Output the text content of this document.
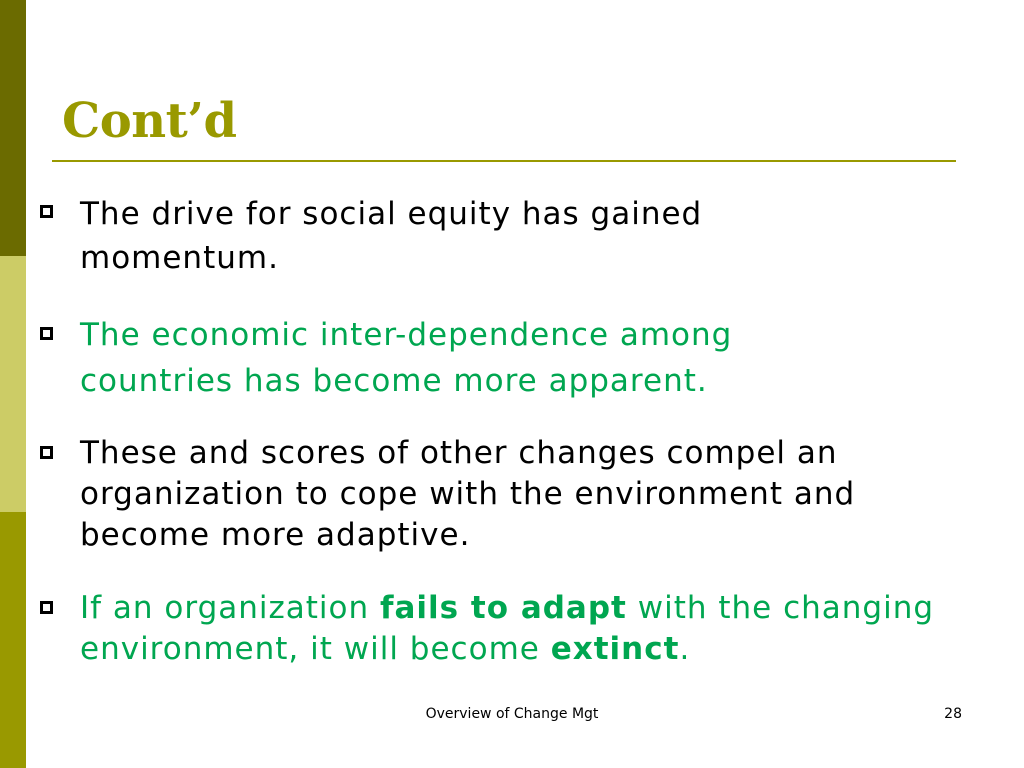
Cont’d
The drive for social equity has gained
momentum.
The economic inter-dependence among
countries has become more apparent.
These and scores of other changes compel an
organization to cope with the environment and
become more adaptive.
If an organization fails to adapt with the changing
environment, it will become extinct.
Overview of Change Mgt	28
